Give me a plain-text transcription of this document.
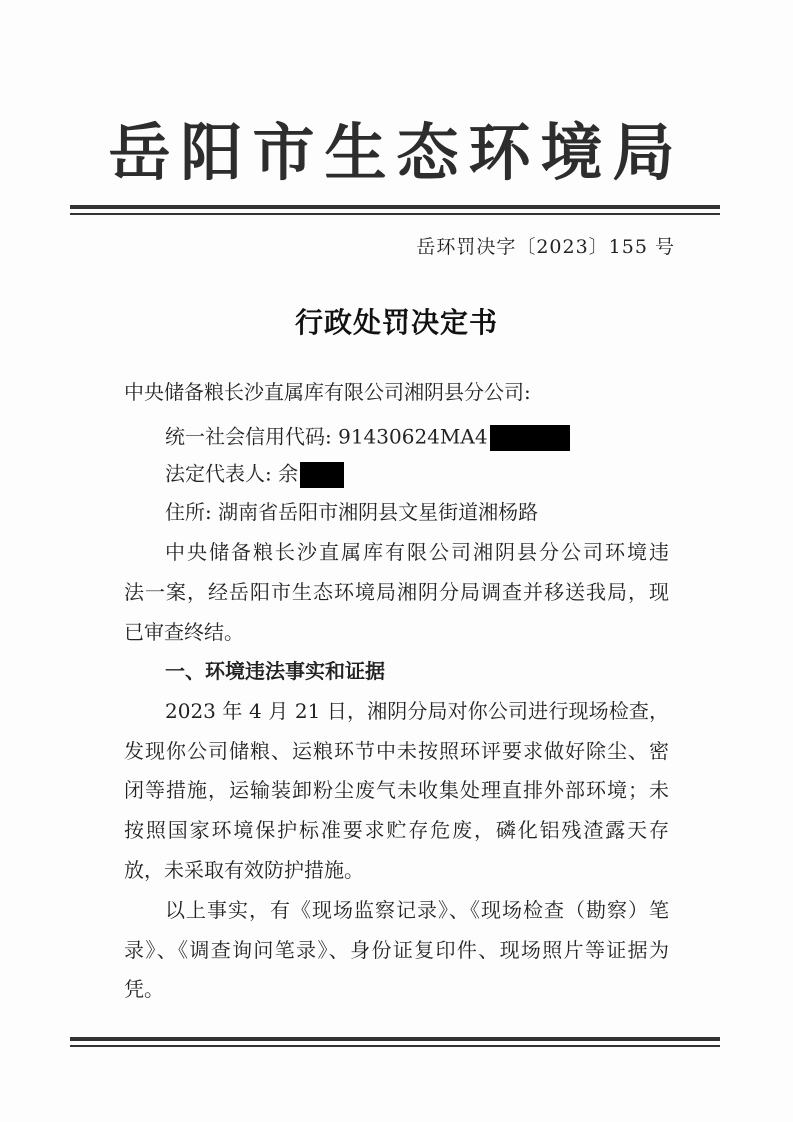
岳阳市生态环境局
岳环罚决字〔2023〕155 号
行政处罚决定书
中央储备粮长沙直属库有限公司湘阴县分公司:
统一社会信用代码: 91430624MA4
法定代表人: 余
住所: 湖南省岳阳市湘阴县文星街道湘杨路
中央储备粮长沙直属库有限公司湘阴县分公司环境违
法一案，经岳阳市生态环境局湘阴分局调查并移送我局，现
已审查终结。
一、环境违法事实和证据
2023 年 4 月 21 日，湘阴分局对你公司进行现场检查，
发现你公司储粮、运粮环节中未按照环评要求做好除尘、密
闭等措施，运输装卸粉尘废气未收集处理直排外部环境；未
按照国家环境保护标准要求贮存危废，磷化铝残渣露天存
放，未采取有效防护措施。
以上事实，有《现场监察记录》、《现场检查（勘察）笔
录》、《调查询问笔录》、身份证复印件、现场照片等证据为
凭。
